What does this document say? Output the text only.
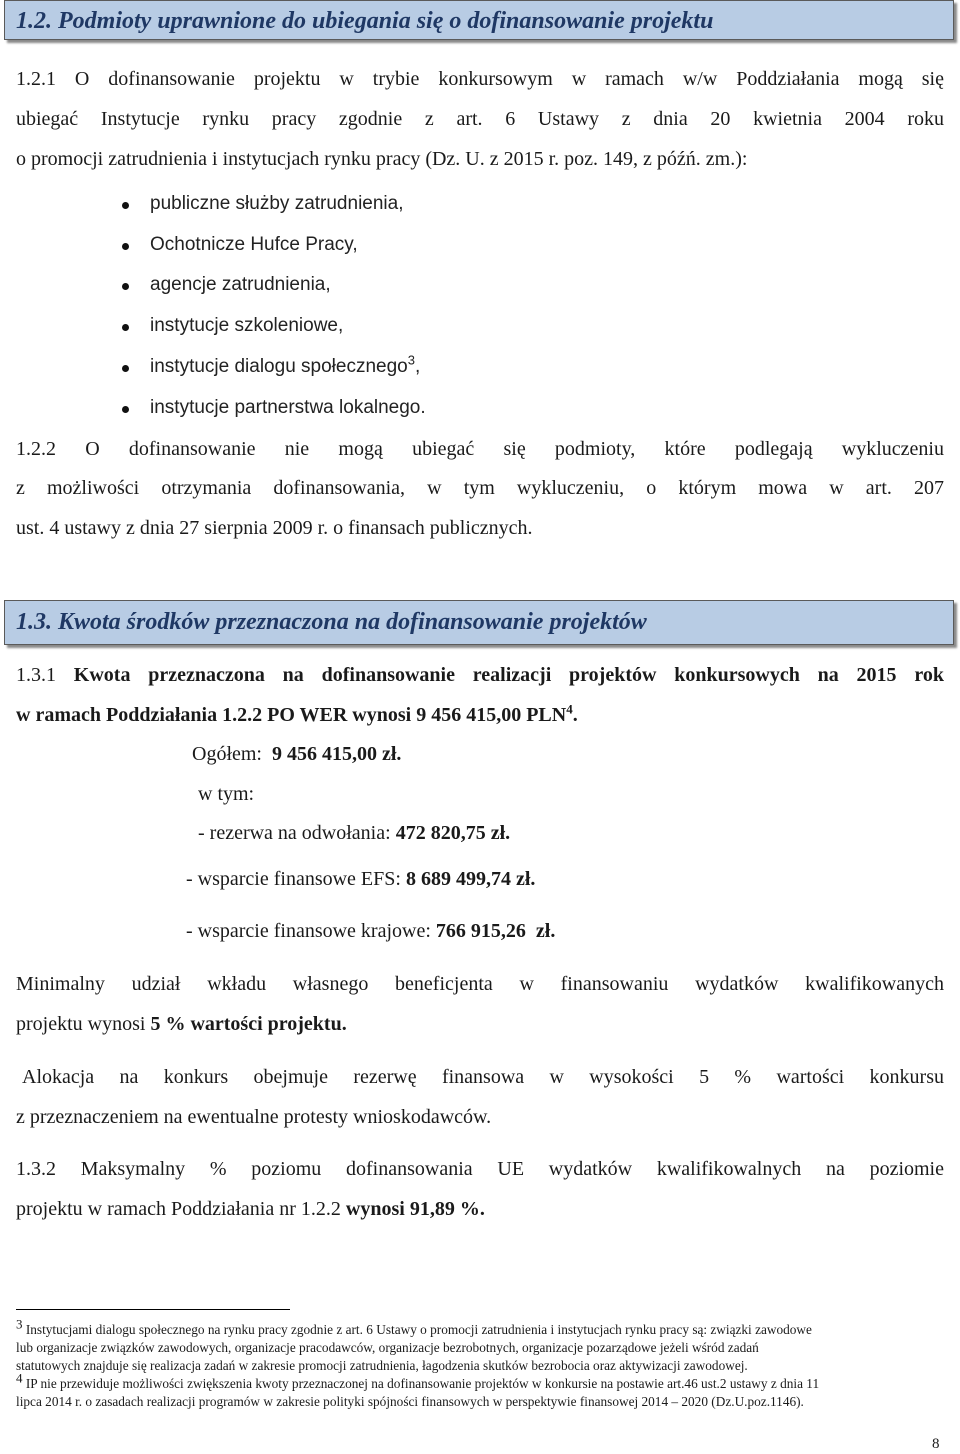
1.2. Podmioty uprawnione do ubiegania się o dofinansowanie projektu
1.2.1 O dofinansowanie projektu w trybie konkursowym w ramach w/w Poddziałania mogą się
ubiegać Instytucje rynku pracy zgodnie z art. 6 Ustawy z dnia 20 kwietnia 2004 roku
o promocji zatrudnienia i instytucjach rynku pracy (Dz. U. z 2015 r. poz. 149, z późń. zm.):
publiczne służby zatrudnienia,
Ochotnicze Hufce Pracy,
agencje zatrudnienia,
instytucje szkoleniowe,
instytucje dialogu społecznego$^3$,
instytucje partnerstwa lokalnego.
1.2.2 O dofinansowanie nie mogą ubiegać się podmioty, które podlegają wykluczeniu
z możliwości otrzymania dofinansowania, w tym wykluczeniu, o którym mowa w art. 207
ust. 4 ustawy z dnia 27 sierpnia 2009 r. o finansach publicznych.
1.3. Kwota środków przeznaczona na dofinansowanie projektów
1.3.1 Kwota przeznaczona na dofinansowanie realizacji projektów konkursowych na 2015 rok
w ramach Poddziałania 1.2.2 PO WER wynosi 9 456 415,00 PLN$^4$.
Ogółem: 9 456 415,00 zł.
w tym:
- rezerwa na odwołania: 472 820,75 zł.
- wsparcie finansowe EFS: 8 689 499,74 zł.
- wsparcie finansowe krajowe: 766 915,26  zł.
Minimalny udział wkładu własnego beneficjenta w finansowaniu wydatków kwalifikowanych
projektu wynosi 5 % wartości projektu.
Alokacja na konkurs obejmuje rezerwę finansowa w wysokości 5 % wartości konkursu
z przeznaczeniem na ewentualne protesty wnioskodawców.
1.3.2 Maksymalny % poziomu dofinansowania UE wydatków kwalifikowalnych na poziomie
projektu w ramach Poddziałania nr 1.2.2 wynosi 91,89 %.
$^3$ Instytucjami dialogu społecznego na rynku pracy zgodnie z art. 6 Ustawy o promocji zatrudnienia i instytucjach rynku pracy są: związki zawodowe
lub organizacje związków zawodowych, organizacje pracodawców, organizacje bezrobotnych, organizacje pozarządowe jeżeli wśród zadań
statutowych znajduje się realizacja zadań w zakresie promocji zatrudnienia, łagodzenia skutków bezrobocia oraz aktywizacji zawodowej.
$^4$ IP nie przewiduje możliwości zwiększenia kwoty przeznaczonej na dofinansowanie projektów w konkursie na postawie art.46 ust.2 ustawy z dnia 11
lipca 2014 r. o zasadach realizacji programów w zakresie polityki spójności finansowych w perspektywie finansowej 2014 – 2020 (Dz.U.poz.1146).
8
